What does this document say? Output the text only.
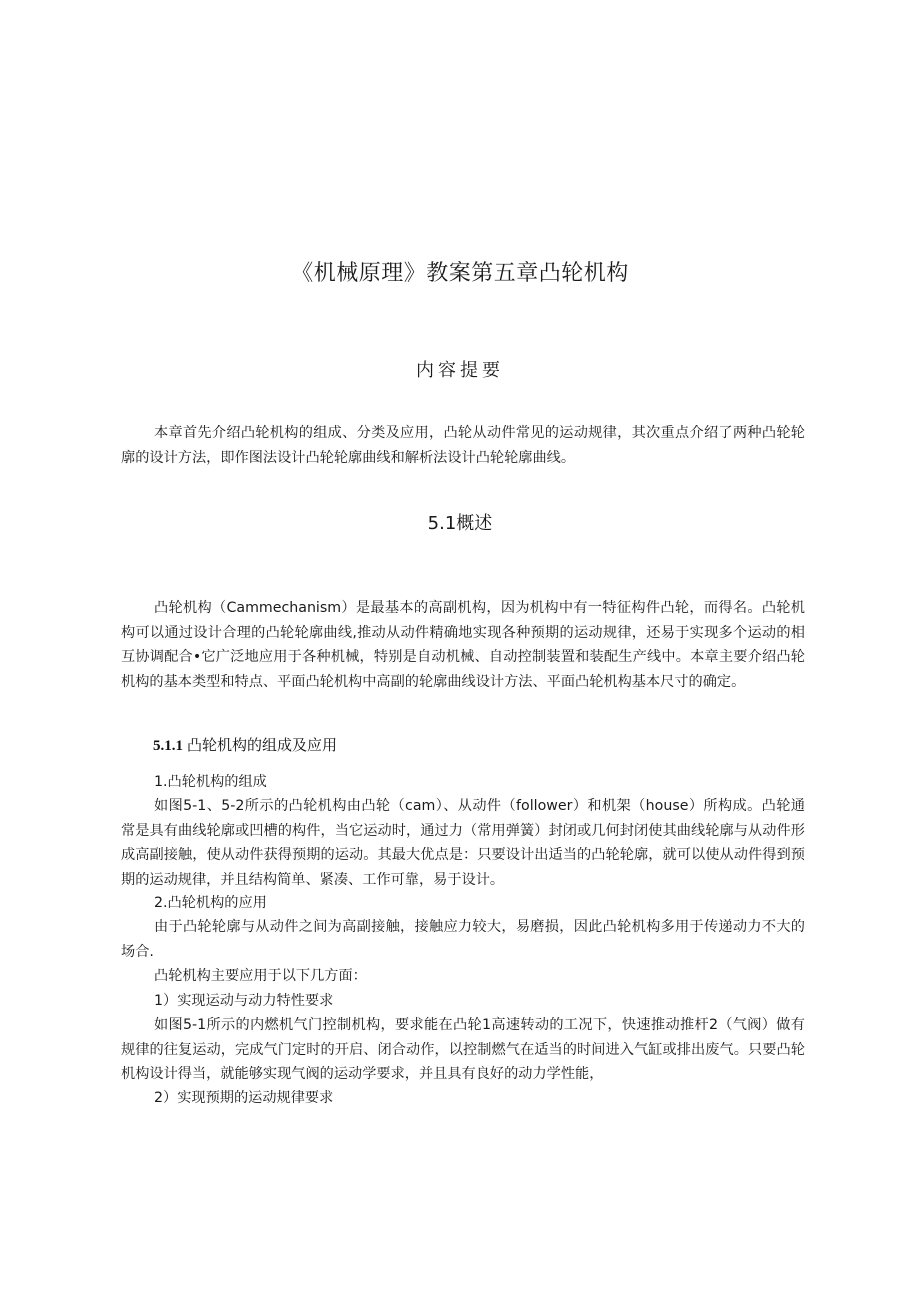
《机械原理》教案第五章凸轮机构
内容提要

本章首先介绍凸轮机构的组成、分类及应用，凸轮从动件常见的运动规律，其次重点介绍了两种凸轮轮廓的设计方法，即作图法设计凸轮轮廓曲线和解析法设计凸轮轮廓曲线。

5.1概述

凸轮机构（Cammechanism）是最基本的高副机构，因为机构中有一特征构件凸轮，而得名。凸轮机构可以通过设计合理的凸轮轮廓曲线,推动从动件精确地实现各种预期的运动规律，还易于实现多个运动的相互协调配合•它广泛地应用于各种机械，特别是自动机械、自动控制装置和装配生产线中。本章主要介绍凸轮机构的基本类型和特点、平面凸轮机构中高副的轮廓曲线设计方法、平面凸轮机构基本尺寸的确定。

5.1.1 凸轮机构的组成及应用
1.凸轮机构的组成

如图5-1、5-2所示的凸轮机构由凸轮（cam）、从动件（follower）和机架（house）所构成。凸轮通常是具有曲线轮廓或凹槽的构件，当它运动时，通过力（常用弹簧）封闭或几何封闭使其曲线轮廓与从动件形成高副接触，使从动件获得预期的运动。其最大优点是：只要设计出适当的凸轮轮廓，就可以使从动件得到预期的运动规律，并且结构简单、紧凑、工作可靠，易于设计。

2.凸轮机构的应用

由于凸轮轮廓与从动件之间为高副接触，接触应力较大，易磨损，因此凸轮机构多用于传递动力不大的场合.

凸轮机构主要应用于以下几方面：
1）实现运动与动力特性要求

如图5-1所示的内燃机气门控制机构，要求能在凸轮1高速转动的工况下，快速推动推杆2（气阀）做有规律的往复运动，完成气门定时的开启、闭合动作，以控制燃气在适当的时间进入气缸或排出废气。只要凸轮机构设计得当，就能够实现气阀的运动学要求，并且具有良好的动力学性能，

2）实现预期的运动规律要求
